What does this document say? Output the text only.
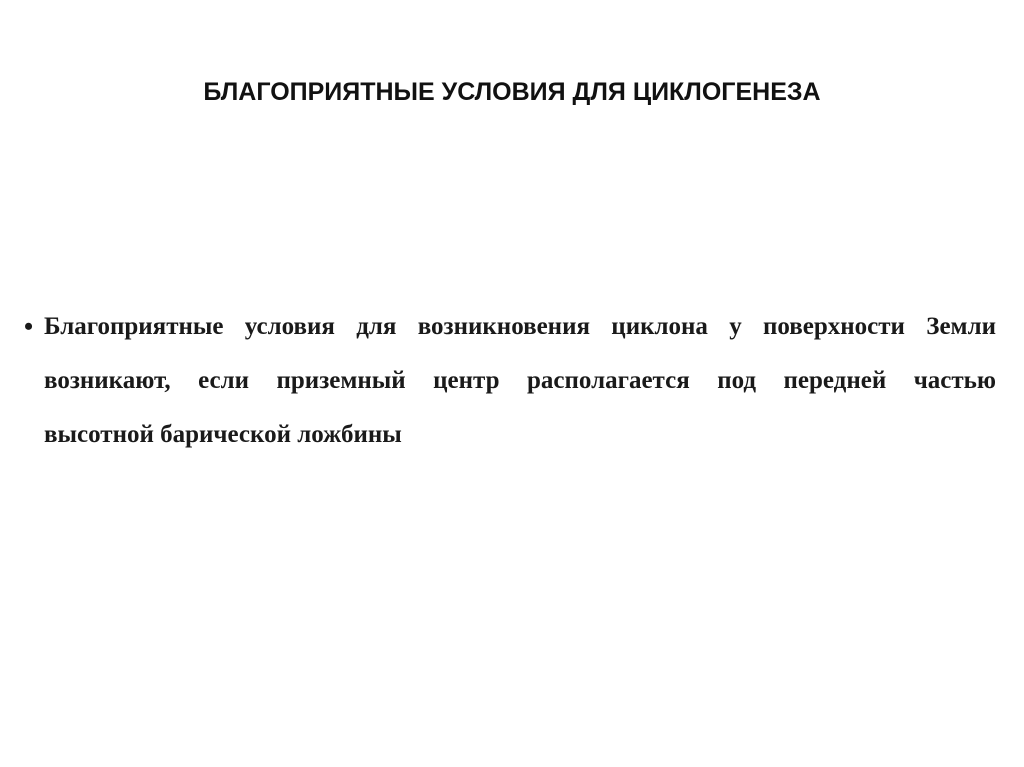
БЛАГОПРИЯТНЫЕ УСЛОВИЯ ДЛЯ ЦИКЛОГЕНЕЗА
• Благоприятные условия для возникновения циклона у поверхности Земли
возникают, если приземный центр располагается под передней частью
высотной барической ложбины
